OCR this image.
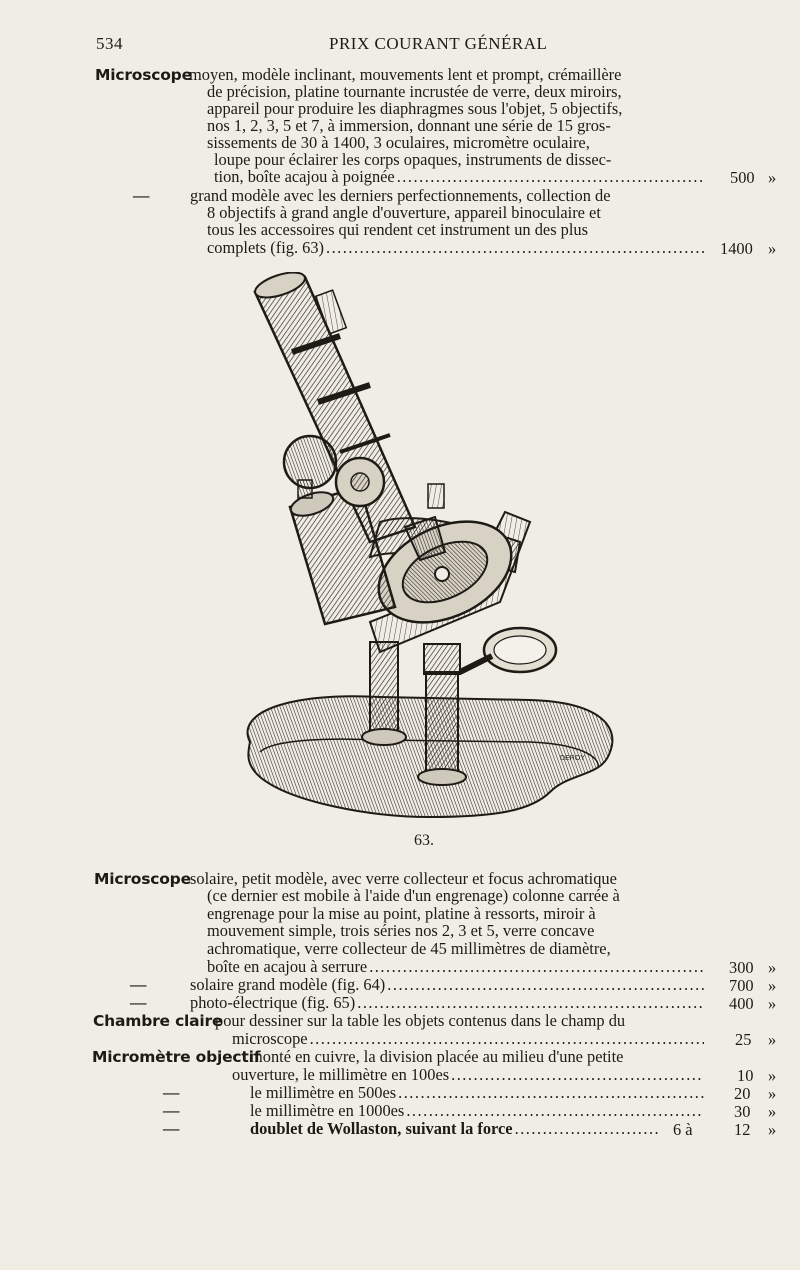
534	PRIX COURANT GÉNÉRAL
Microscope
moyen, modèle inclinant, mouvements lent et prompt, crémaillère
de précision, platine tournante incrustée de verre, deux miroirs,
appareil pour produire les diaphragmes sous l'objet, 5 objectifs,
nos 1, 2, 3, 5 et 7, à immersion, donnant une série de 15 gros-
sissements de 30 à 1400, 3 oculaires, micromètre oculaire,
loupe pour éclairer les corps opaques, instruments de dissec-
tion, boîte acajou à poignée .....	500 »
— grand modèle avec les derniers perfectionnements, collection de
8 objectifs à grand angle d'ouverture, appareil binoculaire et
tous les accessoires qui rendent cet instrument un des plus
complets (fig. 63) .....	1400 »
DEROY
63.
Microscope solaire, petit modèle, avec verre collecteur et focus achromatique
(ce dernier est mobile à l'aide d'un engrenage) colonne carrée à
engrenage pour la mise au point, platine à ressorts, miroir à
mouvement simple, trois séries nos 2, 3 et 5, verre concave
achromatique, verre collecteur de 45 millimètres de diamètre,
boîte en acajou à serrure .....	300 »
—	solaire grand modèle (fig. 64) .....	700 »
—	photo-électrique (fig. 65) .....	400 »
Chambre claire
pour dessiner sur la table les objets contenus dans le champ du
microscope .....	25 »
Micromètre objectif
monté en cuivre, la division placée au milieu d'une petite
ouverture, le millimètre en 100es .....	10 »
—	le millimètre en 500es .....	20 »
—	le millimètre en 1000es .....	30 »
—	doublet de Wollaston, suivant la force .....	6 à	12 »
